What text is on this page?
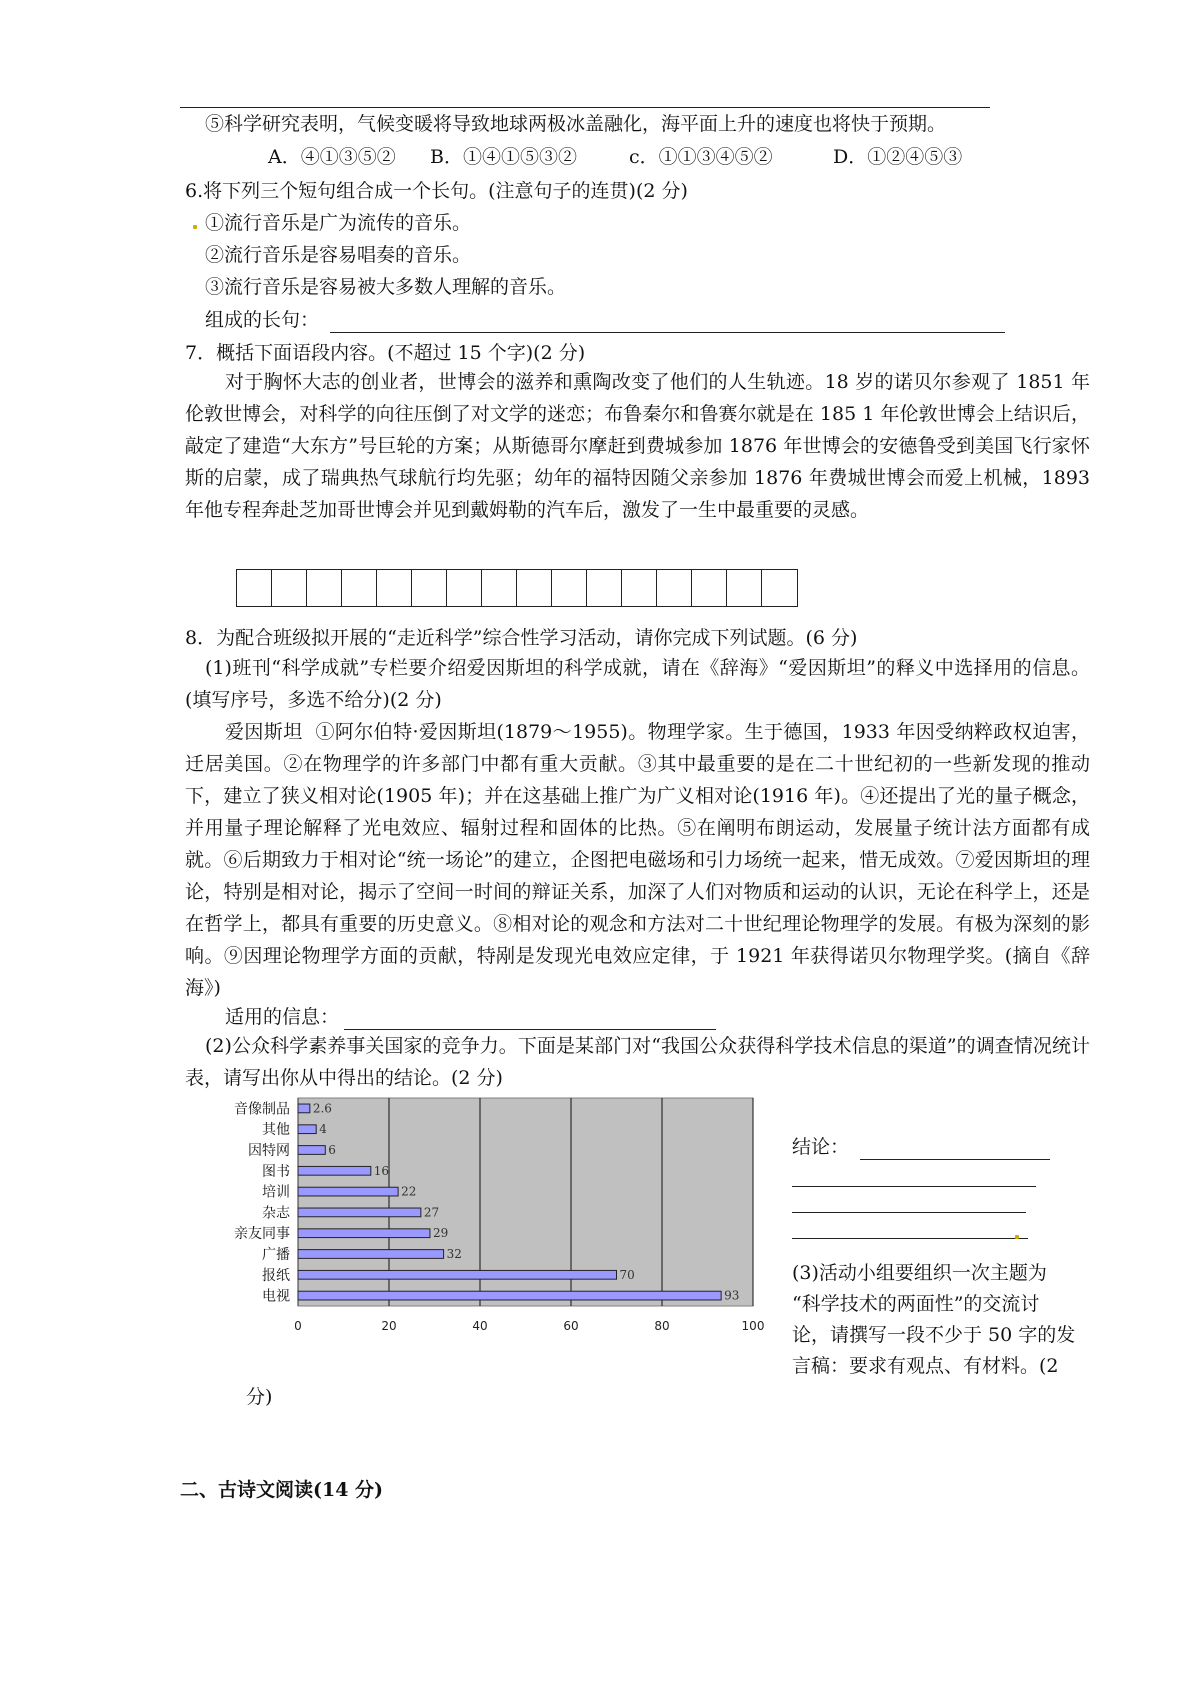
⑤科学研究表明，气候变暖将导致地球两极冰盖融化，海平面上升的速度也将快于预期。
A．④①③⑤② B．①④①⑤③②	c．①①③④⑤②	D．①②④⑤③
6.将下列三个短句组合成一个长句。(注意句子的连贯)(2 分)
①流行音乐是广为流传的音乐。
②流行音乐是容易唱奏的音乐。
③流行音乐是容易被大多数人理解的音乐。
组成的长句：
7．概括下面语段内容。(不超过 15 个字)(2 分)

对于胸怀大志的创业者，世博会的滋养和熏陶改变了他们的人生轨迹。18 岁的诺贝尔参观了 1851 年伦敦世博会，对科学的向往压倒了对文学的迷恋；布鲁秦尔和鲁赛尔就是在 185 1 年伦敦世博会上结识后，敲定了建造“大东方”号巨轮的方案；从斯德哥尔摩赶到费城参加 1876 年世博会的安德鲁受到美国飞行家怀斯的启蒙，成了瑞典热气球航行均先驱；幼年的福特因随父亲参加 1876 年费城世博会而爱上机械，1893 年他专程奔赴芝加哥世博会并见到戴姆勒的汽车后，激发了一生中最重要的灵感。

8．为配合班级拟开展的“走近科学”综合性学习活动，请你完成下列试题。(6 分)

(1)班刊“科学成就”专栏要介绍爱因斯坦的科学成就，请在《辞海》“爱因斯坦”的释义中选择用的信息。(填写序号，多选不给分)(2 分)

爱因斯坦 ①阿尔伯特·爱因斯坦(1879～1955)。物理学家。生于德国，1933 年因受纳粹政权迫害，迁居美国。②在物理学的许多部门中都有重大贡献。③其中最重要的是在二十世纪初的一些新发现的推动下，建立了狭义相对论(1905 年)；并在这基础上推广为广义相对论(1916 年)。④还提出了光的量子概念，并用量子理论解释了光电效应、辐射过程和固体的比热。⑤在阐明布朗运动，发展量子统计法方面都有成就。⑥后期致力于相对论“统一场论”的建立，企图把电磁场和引力场统一起来，惜无成效。⑦爱因斯坦的理论，特别是相对论，揭示了空间一时间的辩证关系，加深了人们对物质和运动的认识，无论在科学上，还是在哲学上，都具有重要的历史意义。⑧相对论的观念和方法对二十世纪理论物理学的发展。有极为深刻的影响。⑨因理论物理学方面的贡献，特剐是发现光电效应定律，于 1921 年获得诺贝尔物理学奖。(摘自《辞海》)

适用的信息：

(2)公众科学素养事关国家的竞争力。下面是某部门对“我国公众获得科学技术信息的渠道”的调查情况统计表，请写出你从中得出的结论。(2 分)

0	20	40	60	80	100
音像制品 2.6
其他 4
因特网	6
图书	16
培训	22
杂志	27
亲友同事	29
广播	32
报纸	70
电视	93
结论：
(3)活动小组要组织一次主题为
“科学技术的两面性”的交流讨
论，请撰写一段不少于 50 字的发
言稿：要求有观点、有材料。(2
分)
二、古诗文阅读(14 分)
